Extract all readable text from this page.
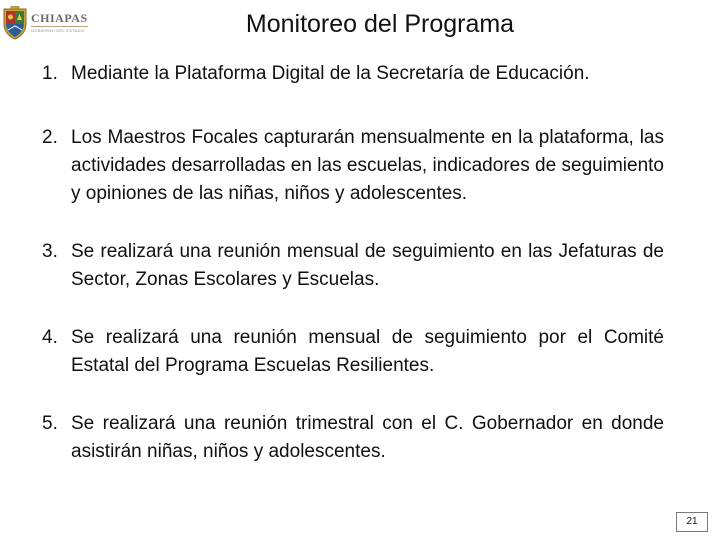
CHIAPAS
GOBIERNO DEL ESTADO	Monitoreo del Programa
1. Mediante la Plataforma Digital de la Secretaría de Educación.
2. Los Maestros Focales capturarán mensualmente en la plataforma, las actividades desarrolladas en las escuelas, indicadores de seguimiento y opiniones de las niñas, niños y adolescentes.
3. Se realizará una reunión mensual de seguimiento en las Jefaturas de Sector, Zonas Escolares y Escuelas.
4. Se realizará una reunión mensual de seguimiento por el Comité Estatal del Programa Escuelas Resilientes.
5. Se realizará una reunión trimestral con el C. Gobernador en donde asistirán niñas, niños y adolescentes.
21
